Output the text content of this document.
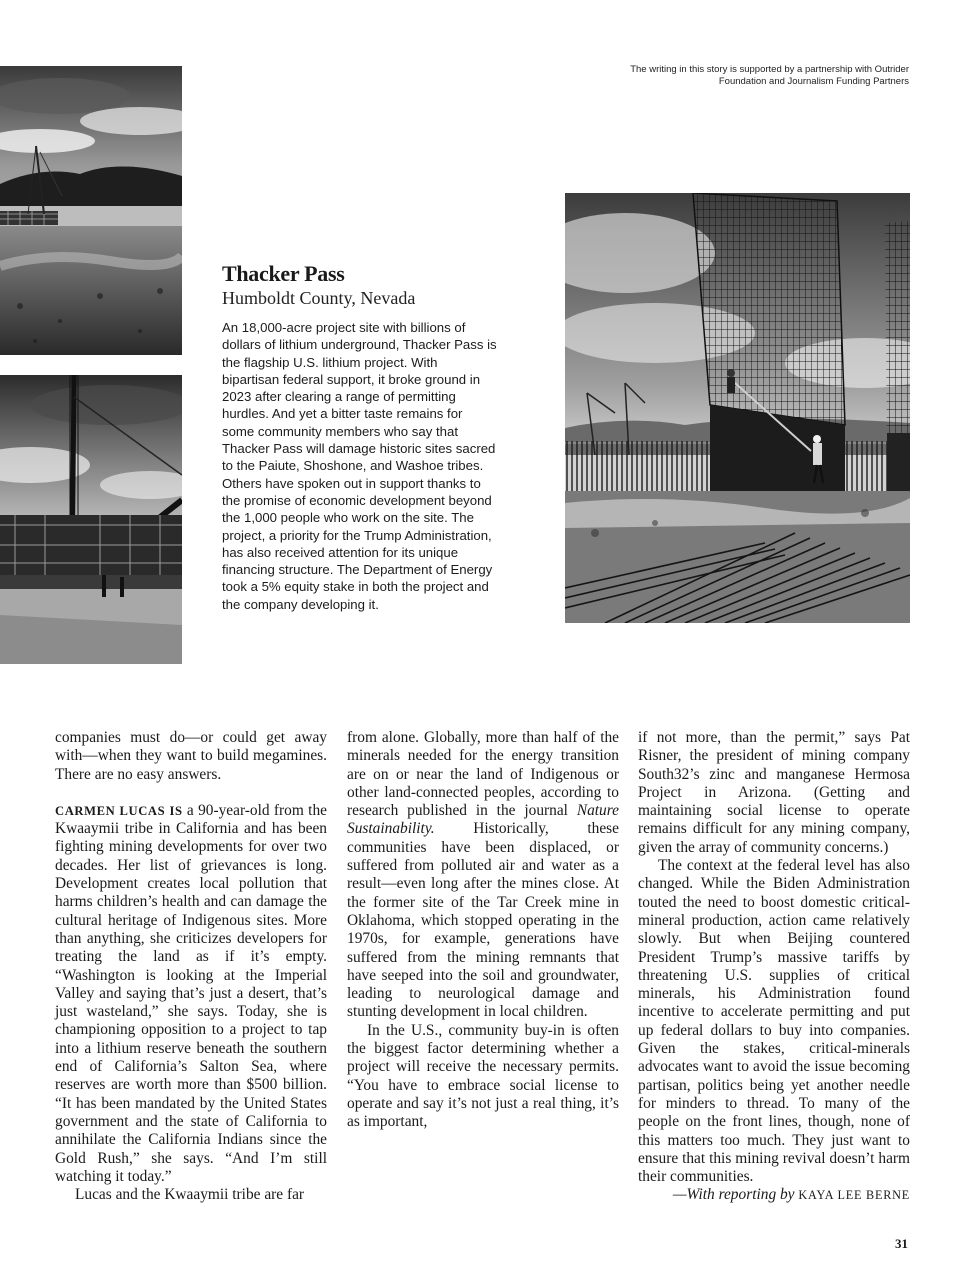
The writing in this story is supported by a partnership with Outrider Foundation and Journalism Funding Partners
Thacker Pass
Humboldt County, Nevada
An 18,000-acre project site with billions of dollars of lithium underground, Thacker Pass is the flagship U.S. lithium project. With bipartisan federal support, it broke ground in 2023 after clearing a range of permitting hurdles. And yet a bitter taste remains for some community members who say that Thacker Pass will damage historic sites sacred to the Paiute, Shoshone, and Washoe tribes. Others have spoken out in support thanks to the promise of economic development beyond the 1,000 people who work on the site. The project, a priority for the Trump Administration, has also received attention for its unique financing structure. The Department of Energy took a 5% equity stake in both the project and the company developing it.

companies must do—or could get away with—when they want to build megamines. There are no easy answers.

CARMEN LUCAS IS a 90-year-old from the Kwaaymii tribe in California and has been fighting mining developments for over two decades. Her list of grievances is long. Development creates local pollution that harms children’s health and can damage the cultural heritage of Indigenous sites. More than anything, she criticizes developers for treating the land as if it’s empty. “Washington is looking at the Imperial Valley and saying that’s just a desert, that’s just wasteland,” she says. Today, she is championing opposition to a project to tap into a lithium reserve beneath the southern end of California’s Salton Sea, where reserves are worth more than $500 billion. “It has been mandated by the United States government and the state of California to annihilate the California Indians since the Gold Rush,” she says. “And I’m still watching it today.”

Lucas and the Kwaaymii tribe are far

from alone. Globally, more than half of the minerals needed for the energy transition are on or near the land of Indigenous or other land-connected peoples, according to research published in the journal Nature Sustainability. Historically, these communities have been displaced, or suffered from polluted air and water as a result—even long after the mines close. At the former site of the Tar Creek mine in Oklahoma, which stopped operating in the 1970s, for example, generations have suffered from the mining remnants that have seeped into the soil and groundwater, leading to neurological damage and stunting development in local children.

In the U.S., community buy-in is often the biggest factor determining whether a project will receive the necessary permits. “You have to embrace social license to operate and say it’s not just a real thing, it’s as important,

if not more, than the permit,” says Pat Risner, the president of mining company South32’s zinc and manganese Hermosa Project in Arizona. (Getting and maintaining social license to operate remains difficult for any mining company, given the array of community concerns.)

The context at the federal level has also changed. While the Biden Administration touted the need to boost domestic critical-mineral production, action came relatively slowly. But when Beijing countered President Trump’s massive tariffs by threatening U.S. supplies of critical minerals, his Administration found incentive to accelerate permitting and put up federal dollars to buy into companies. Given the stakes, critical-minerals advocates want to avoid the issue becoming partisan, politics being yet another needle for minders to thread. To many of the people on the front lines, though, none of this matters too much. They just want to ensure that this mining revival doesn’t harm their communities.

—With reporting by KAYA LEE BERNE

31
